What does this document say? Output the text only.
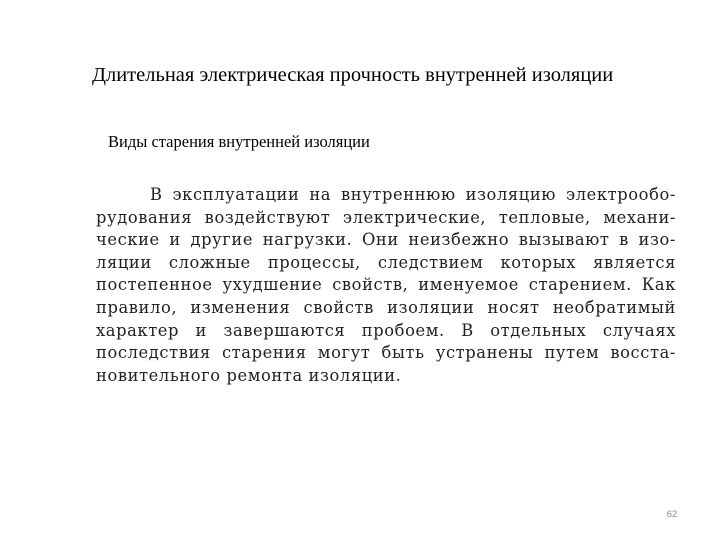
Длительная электрическая прочность внутренней изоляции
Виды старения внутренней изоляции
В эксплуатации на внутреннюю изоляцию электрообо-
рудования воздействуют электрические, тепловые, механи-
ческие и другие нагрузки. Они неизбежно вызывают в изо-
ляции сложные процессы, следствием которых является
постепенное ухудшение свойств, именуемое старением. Как
правило, изменения свойств изоляции носят необратимый
характер и завершаются пробоем. В отдельных случаях
последствия старения могут быть устранены путем восста-
новительного ремонта изоляции.
62
